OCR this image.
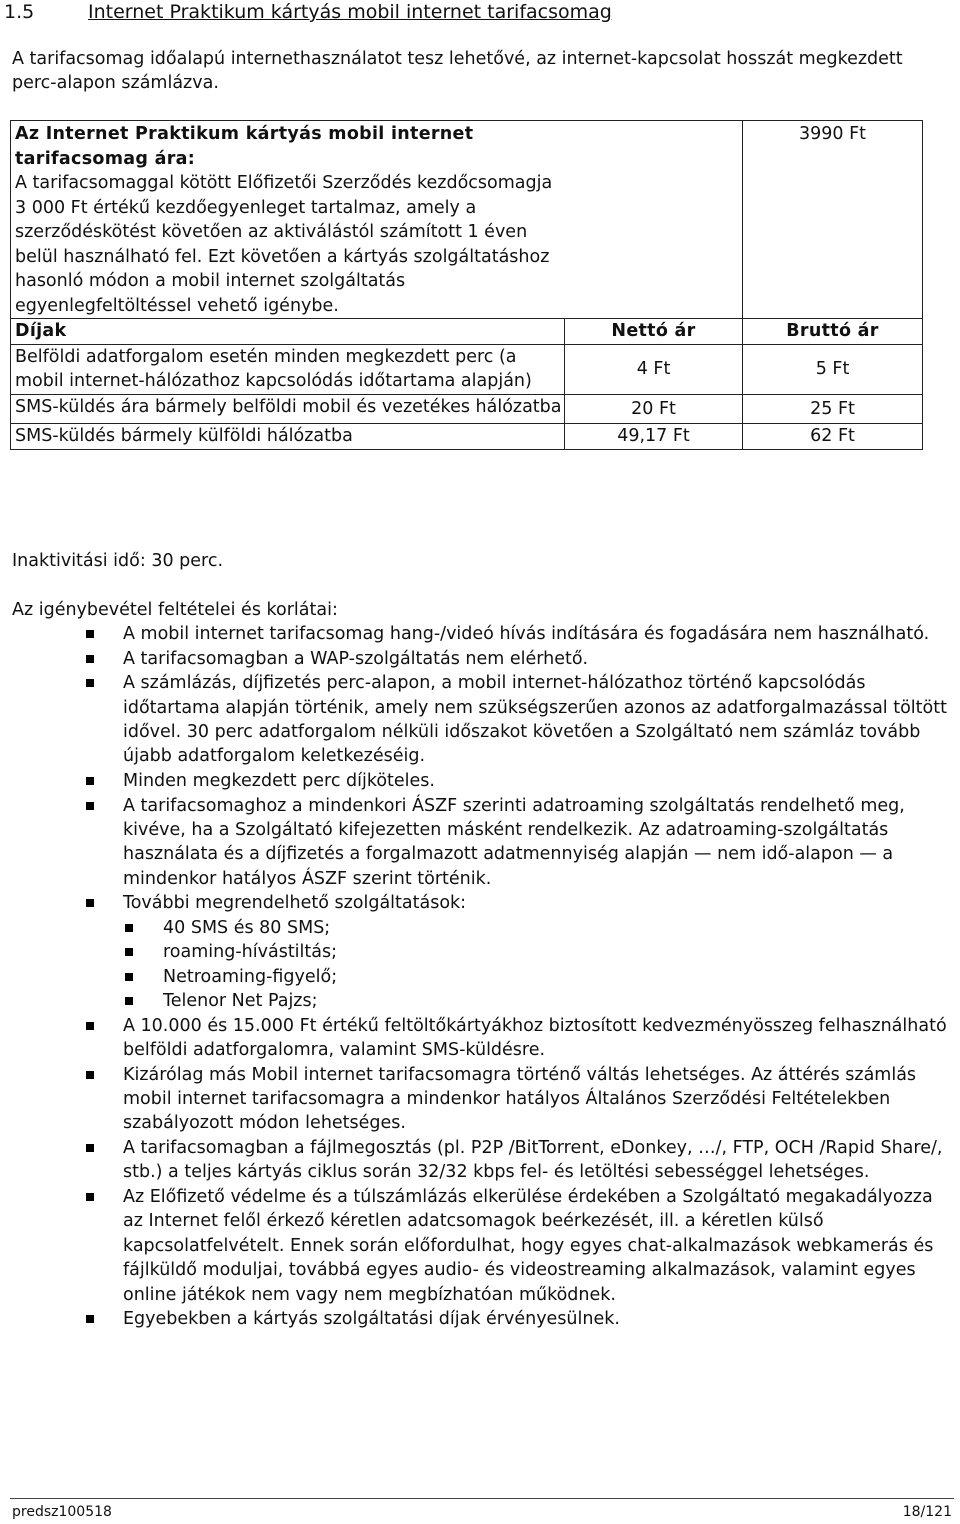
1.5	Internet Praktikum kártyás mobil internet tarifacsomag
A tarifacsomag időalapú internethasználatot tesz lehetővé, az internet-kapcsolat hosszát megkezdett perc-alapon számlázva.
Az Internet Praktikum kártyás mobil internet tarifacsomag ára:
A tarifacsomaggal kötött Előfizetői Szerződés kezdőcsomagja 3 000 Ft értékű kezdőegyenleget tartalmaz, amely a szerződéskötést követően az aktiválástól számított 1 éven belül használható fel. Ezt követően a kártyás szolgáltatáshoz hasonló módon a mobil internet szolgáltatás egyenlegfeltöltéssel vehető igénybe.		3990 Ft
Díjak	Nettó ár	Bruttó ár
Belföldi adatforgalom esetén minden megkezdett perc (a mobil internet-hálózathoz kapcsolódás időtartama alapján)	4 Ft	5 Ft
SMS-küldés ára bármely belföldi mobil és vezetékes hálózatba	20 Ft	25 Ft
SMS-küldés bármely külföldi hálózatba	49,17 Ft	62 Ft
Inaktivitási idő: 30 perc.
Az igénybevétel feltételei és korlátai:
A mobil internet tarifacsomag hang-/videó hívás indítására és fogadására nem használható.
A tarifacsomagban a WAP-szolgáltatás nem elérhető.
A számlázás, díjfizetés perc-alapon, a mobil internet-hálózathoz történő kapcsolódás időtartama alapján történik, amely nem szükségszerűen azonos az adatforgalmazással töltött idővel. 30 perc adatforgalom nélküli időszakot követően a Szolgáltató nem számláz tovább újabb adatforgalom keletkezéséig.
Minden megkezdett perc díjköteles.
A tarifacsomaghoz a mindenkori ÁSZF szerinti adatroaming szolgáltatás rendelhető meg, kivéve, ha a Szolgáltató kifejezetten másként rendelkezik. Az adatroaming-szolgáltatás használata és a díjfizetés a forgalmazott adatmennyiség alapján — nem idő-alapon — a mindenkor hatályos ÁSZF szerint történik.
További megrendelhető szolgáltatások:
40 SMS és 80 SMS;
roaming-hívástiltás;
Netroaming-figyelő;
Telenor Net Pajzs;
A 10.000 és 15.000 Ft értékű feltöltőkártyákhoz biztosított kedvezményösszeg felhasználható belföldi adatforgalomra, valamint SMS-küldésre.
Kizárólag más Mobil internet tarifacsomagra történő váltás lehetséges. Az áttérés számlás mobil internet tarifacsomagra a mindenkor hatályos Általános Szerződési Feltételekben szabályozott módon lehetséges.
A tarifacsomagban a fájlmegosztás (pl. P2P /BitTorrent, eDonkey, …/, FTP, OCH /Rapid Share/, stb.) a teljes kártyás ciklus során 32/32 kbps fel- és letöltési sebességgel lehetséges.
Az Előfizető védelme és a túlszámlázás elkerülése érdekében a Szolgáltató megakadályozza az Internet felől érkező kéretlen adatcsomagok beérkezését, ill. a kéretlen külső kapcsolatfelvételt. Ennek során előfordulhat, hogy egyes chat-alkalmazások webkamerás és fájlküldő moduljai, továbbá egyes audio- és videostreaming alkalmazások, valamint egyes online játékok nem vagy nem megbízhatóan működnek.
Egyebekben a kártyás szolgáltatási díjak érvényesülnek.
predsz100518	18/121
